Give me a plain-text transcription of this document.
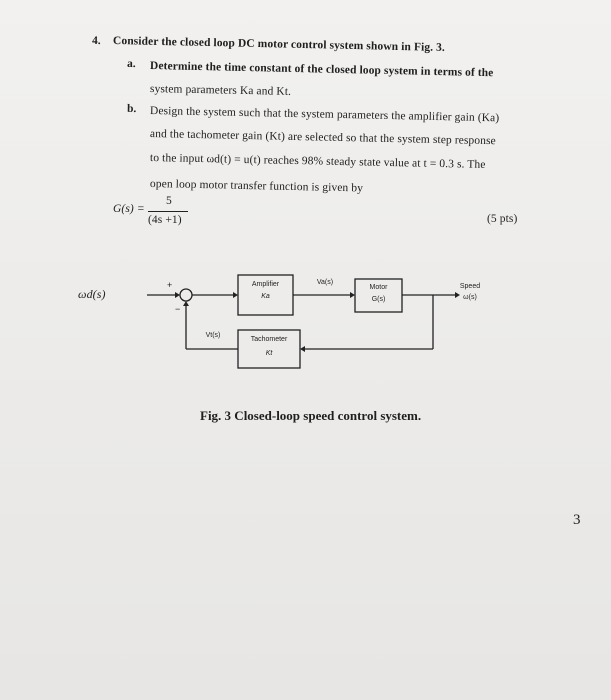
4. Consider the closed loop DC motor control system shown in Fig. 3.
a. Determine the time constant of the closed loop system in terms of the
system parameters Ka and Kt.
b. Design the system such that the system parameters the amplifier gain (Ka)
and the tachometer gain (Kt) are selected so that the system step response
to the input ωd(t) = u(t) reaches 98% steady state value at t = 0.3 s. The
open loop motor transfer function is given by
G(s) =
5
(4s +1)	(5 pts)
ωd(s)
+
−
Amplifier
Ka
Va(s)
Motor
G(s)
Speed
ω(s)
Vt(s)
Tachometer
Kt
Fig. 3 Closed-loop speed control system.
3
